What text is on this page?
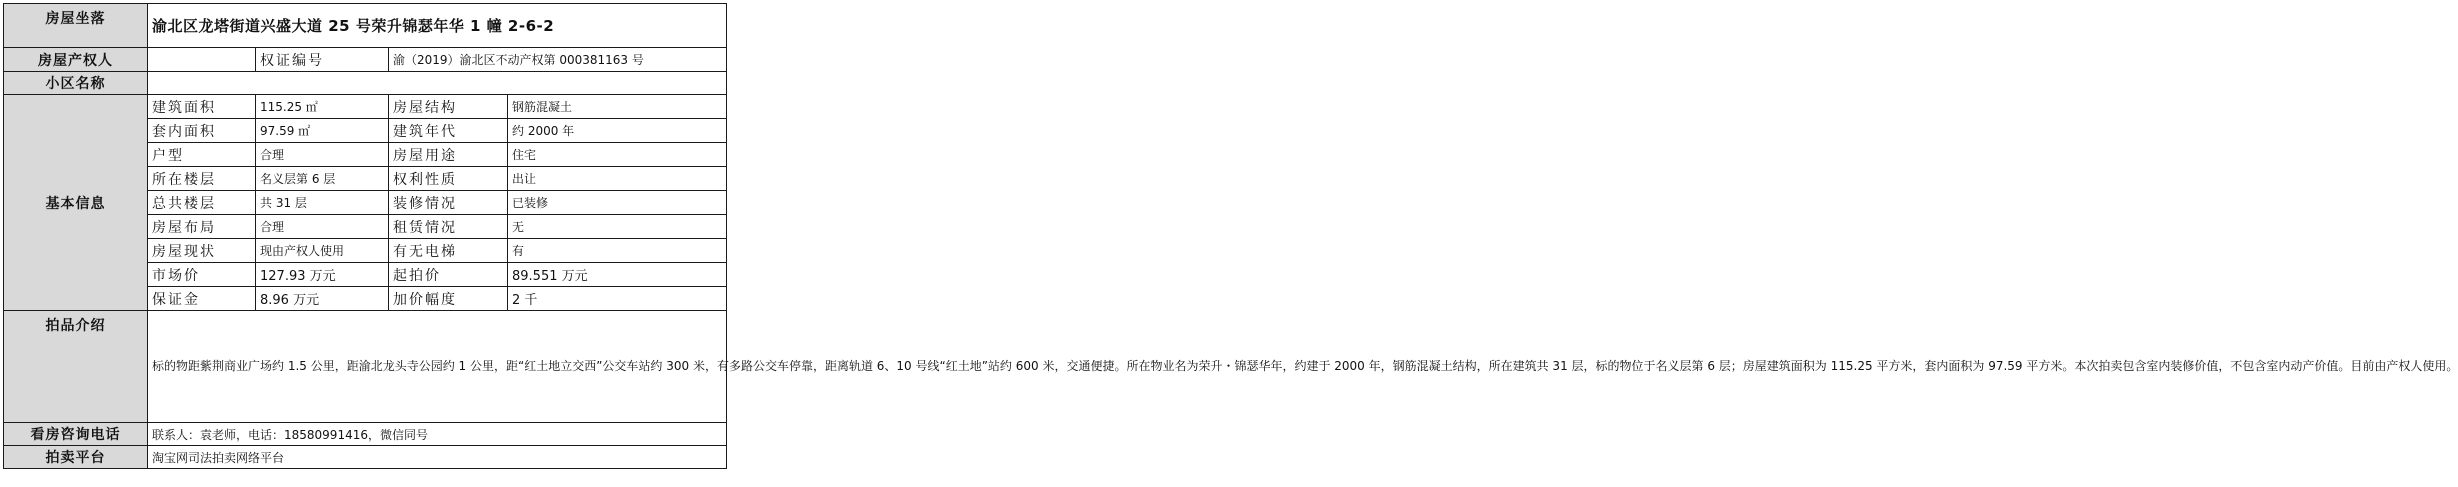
房屋坐落	渝北区龙塔街道兴盛大道 25 号荣升锦瑟年华 1 幢 2-6-2			
房屋产权人		权证编号	渝（2019）渝北区不动产权第 000381163 号	
小区名称				
基本信息	建筑面积	115.25 ㎡	房屋结构	钢筋混凝土
	套内面积	97.59 ㎡	建筑年代	约 2000 年
	户型	合理	房屋用途	住宅
	所在楼层	名义层第 6 层	权利性质	出让
	总共楼层	共 31 层	装修情况	已装修
	房屋布局	合理	租赁情况	无
	房屋现状	现由产权人使用	有无电梯	有
	市场价	127.93 万元	起拍价	89.551 万元
	保证金	8.96 万元	加价幅度	2 千
拍品介绍	标的物距紫荆商业广场约 1.5 公里，距渝北龙头寺公园约 1 公里，距“红土地立交西”公交车站约 300 米，有多路公交车停靠，距离轨道 6、10 号线“红土地”站约 600 米，交通便捷。所在物业名为荣升・锦瑟华年，约建于 2000 年，钢筋混凝土结构，所在建筑共 31 层，标的物位于名义层第 6 层；房屋建筑面积为 115.25 平方米，套内面积为 97.59 平方米。本次拍卖包含室内装修价值，不包含室内动产价值。目前由产权人使用。			
看房咨询电话	联系人：袁老师，电话：18580991416，微信同号			
拍卖平台	淘宝网司法拍卖网络平台			
